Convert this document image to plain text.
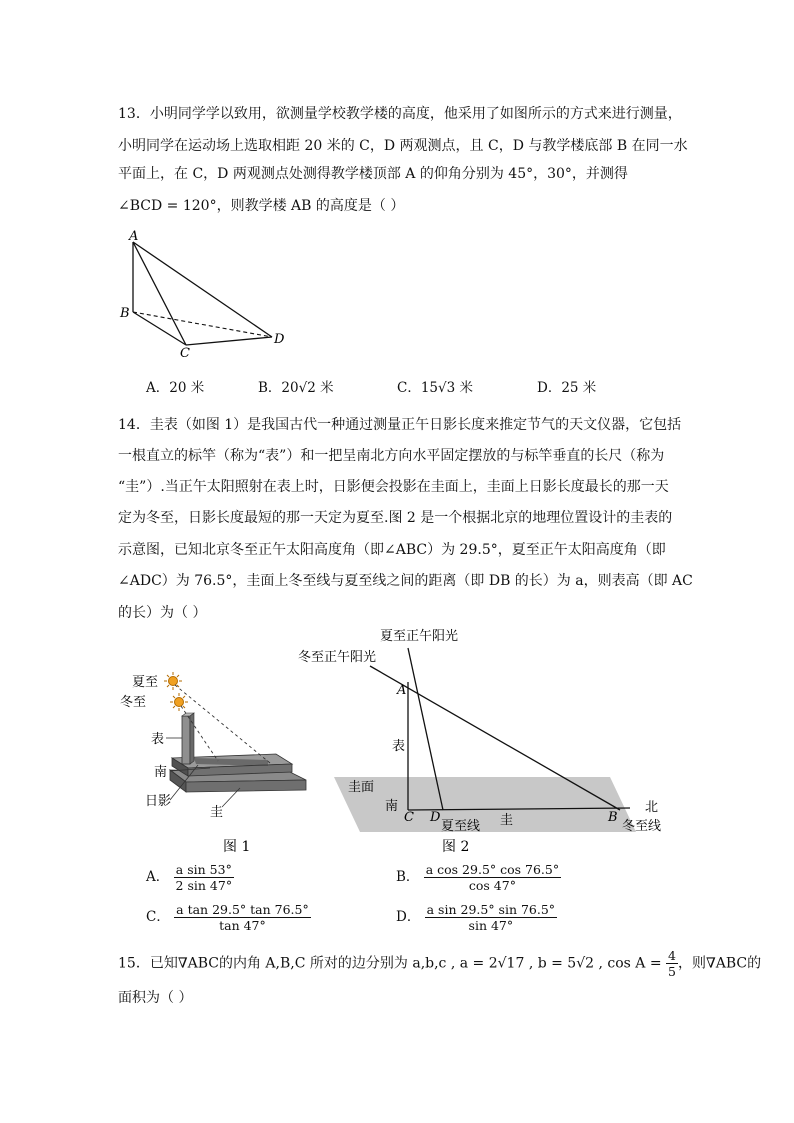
13．小明同学学以致用，欲测量学校教学楼的高度，他采用了如图所示的方式来进行测量，
小明同学在运动场上选取相距 20 米的 C，D 两观测点，且 C，D 与教学楼底部 B 在同一水
平面上，在 C，D 两观测点处测得教学楼顶部 A 的仰角分别为 45°，30°，并测得
∠BCD = 120°，则教学楼 AB 的高度是（ ）
A
B
C
D
A．20 米	B．20√2 米	C．15√3 米	D．25 米
14．圭表（如图 1）是我国古代一种通过测量正午日影长度来推定节气的天文仪器，它包括
一根直立的标竿（称为“表”）和一把呈南北方向水平固定摆放的与标竿垂直的长尺（称为
“圭”）.当正午太阳照射在表上时，日影便会投影在圭面上，圭面上日影长度最长的那一天
定为冬至，日影长度最短的那一天定为夏至.图 2 是一个根据北京的地理位置设计的圭表的
示意图，已知北京冬至正午太阳高度角（即∠ABC）为 29.5°，夏至正午太阳高度角（即
∠ADC）为 76.5°，圭面上冬至线与夏至线之间的距离（即 DB 的长）为 a，则表高（即 AC
的长）为（ ）
夏至
冬至
表
南
日影
圭
图 1
夏至正午阳光
冬至正午阳光
A
表
圭面
南	北
C D	B
夏至线 圭	冬至线
图 2
A． $\frac{\text{a sin 53°}}{2 \sin 47^\circ}$	B． $\frac{\text{a cos 29.5° cos 76.5°}}{\cos 47^\circ}$
C． $\frac{\text{a tan 29.5° tan 76.5°}}{\tan 47^\circ}$	D． $\frac{\text{a sin 29.5° sin 76.5°}}{\sin 47^\circ}$
15．已知∇ABC的内角 A,B,C 所对的边分别为 a,b,c , a = 2√17 , b = 5√2 , $\cos A = \frac{4}{5}$ ，则∇ABC的
面积为（ ）
